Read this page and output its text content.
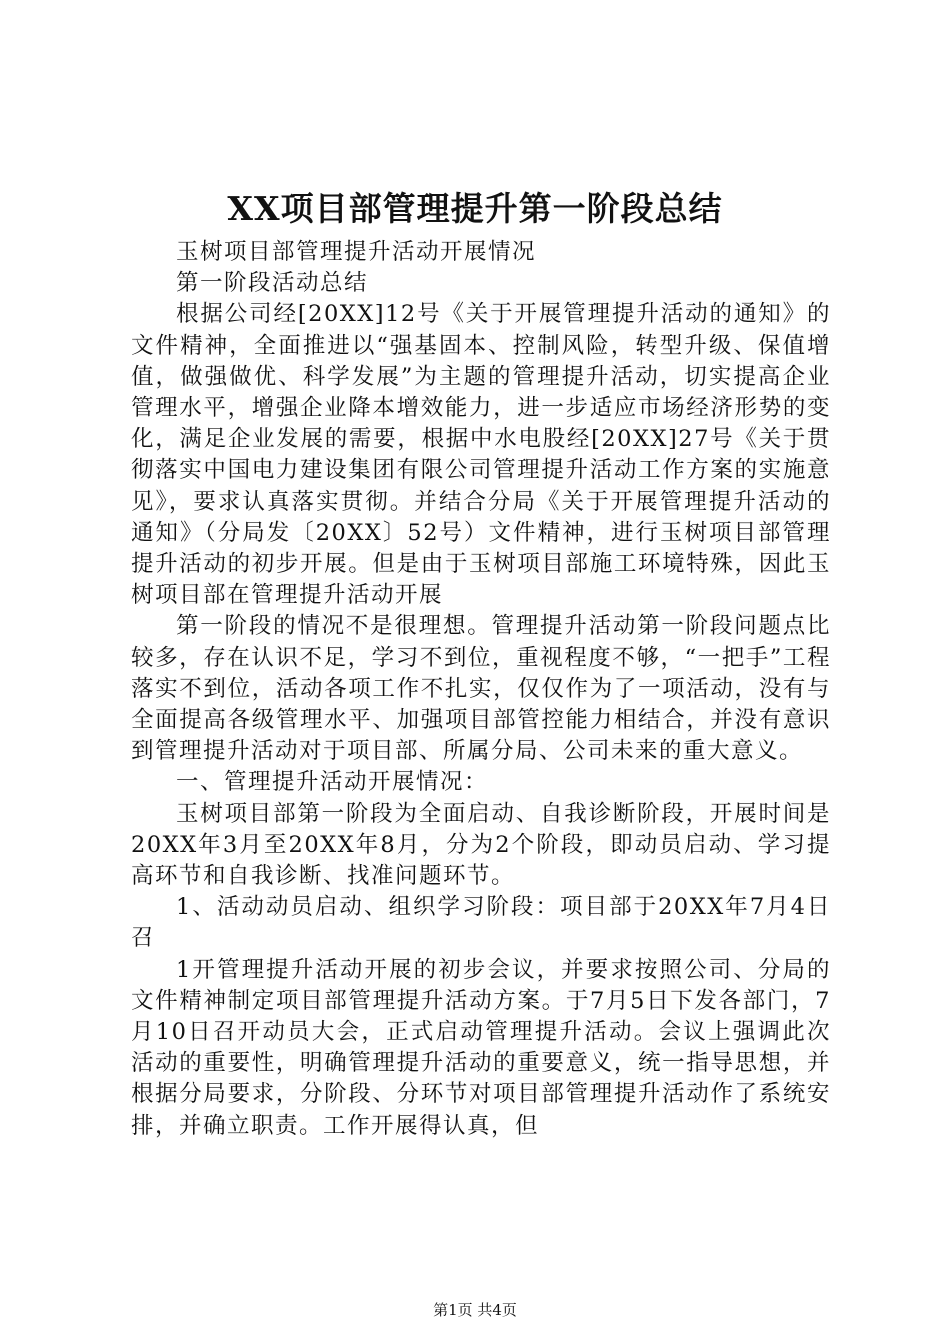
XX项目部管理提升第一阶段总结

玉树项目部管理提升活动开展情况

第一阶段活动总结

根据公司经[20XX]12号《关于开展管理提升活动的通知》的文件精神，全面推进以“强基固本、控制风险，转型升级、保值增值，做强做优、科学发展”为主题的管理提升活动，切实提高企业管理水平，增强企业降本增效能力，进一步适应市场经济形势的变化，满足企业发展的需要，根据中水电股经[20XX]27号《关于贯彻落实中国电力建设集团有限公司管理提升活动工作方案的实施意见》，要求认真落实贯彻。并结合分局《关于开展管理提升活动的通知》（分局发〔20XX〕52号）文件精神，进行玉树项目部管理提升活动的初步开展。但是由于玉树项目部施工环境特殊，因此玉树项目部在管理提升活动开展

第一阶段的情况不是很理想。管理提升活动第一阶段问题点比较多，存在认识不足，学习不到位，重视程度不够，“一把手”工程落实不到位，活动各项工作不扎实，仅仅作为了一项活动，没有与全面提高各级管理水平、加强项目部管控能力相结合，并没有意识到管理提升活动对于项目部、所属分局、公司未来的重大意义。

一、管理提升活动开展情况：

玉树项目部第一阶段为全面启动、自我诊断阶段，开展时间是20XX年3月至20XX年8月，分为2个阶段，即动员启动、学习提高环节和自我诊断、找准问题环节。

1、活动动员启动、组织学习阶段：项目部于20XX年7月4日召

1开管理提升活动开展的初步会议，并要求按照公司、分局的文件精神制定项目部管理提升活动方案。于7月5日下发各部门，7月10日召开动员大会，正式启动管理提升活动。会议上强调此次活动的重要性，明确管理提升活动的重要意义，统一指导思想，并根据分局要求，分阶段、分环节对项目部管理提升活动作了系统安排，并确立职责。工作开展得认真，但

第1页 共4页
